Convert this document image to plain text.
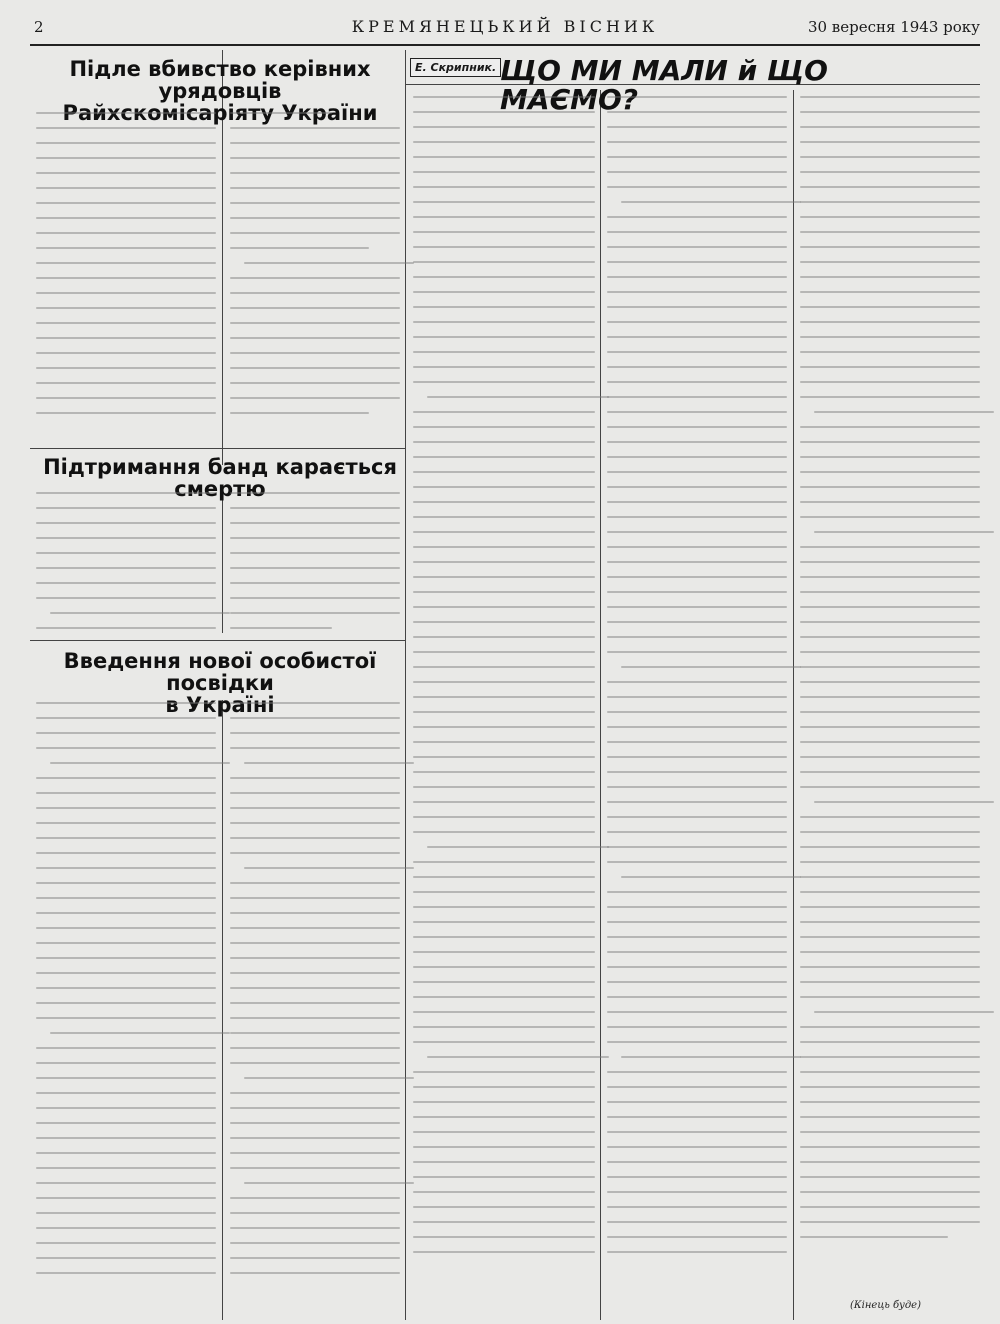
2	КРЕМЯНЕЦЬКИЙ ВІСНИК	30 вересня 1943 року
Підле вбивство керівних урядовців
Райхскомісаріяту України
Підтримання банд карається смертю
Введення нової особистої посвідки
в Україні
Е. Скрипник. ЩО МИ МАЛИ й ЩО МАЄМО?
(Кінець буде)
